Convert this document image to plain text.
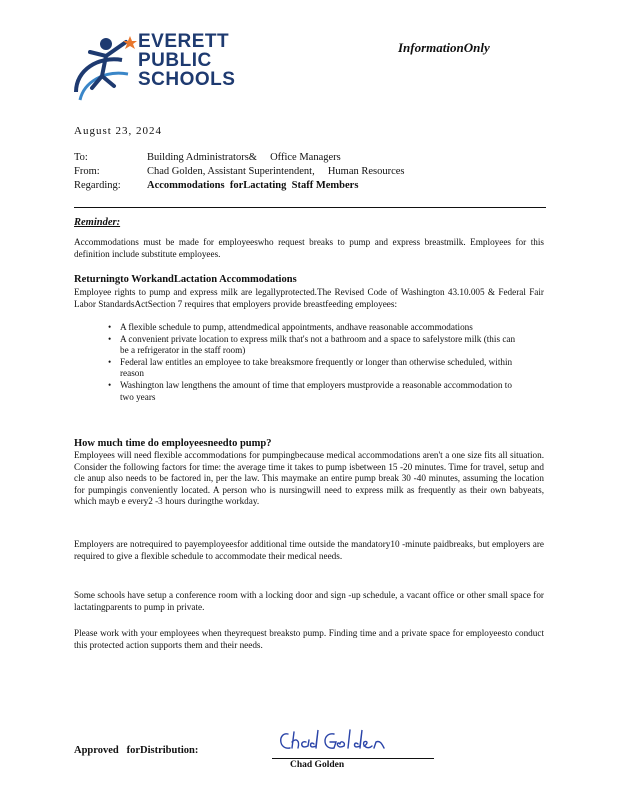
EVERETT
PUBLIC
SCHOOLS
InformationOnly
August 23, 2024
To:	Building Administrators&     Office Managers
From:	Chad Golden, Assistant Superintendent,     Human Resources
Regarding:	Accommodations  forLactating  Staff Members
Reminder:
Accommodations must be made for employeeswho request breaks to pump and express breastmilk. Employees for this definition include substitute employees.
Returningto WorkandLactation Accommodations
Employee rights to pump and express milk are legallyprotected.The Revised Code of Washington 43.10.005 & Federal Fair Labor StandardsActSection 7 requires that employers provide breastfeeding employees:
• A flexible schedule to pump, attendmedical appointments, andhave reasonable accommodations
• A convenient private location to express milk that's not a bathroom and a space to safelystore milk (this can be a refrigerator in the staff room)
• Federal law entitles an employee to take breaksmore frequently or longer than otherwise scheduled, within reason
• Washington law lengthens the amount of time that employers mustprovide a reasonable accommodation to two years
How much time do employeesneedto pump?
Employees will need flexible accommodations for pumpingbecause medical accommodations aren't a one size fits all situation. Consider the following factors for time: the average time it takes to pump isbetween 15 -20 minutes. Time for travel, setup and cle anup also needs to be factored in, per the law. This maymake an entire pump break 30 -40 minutes, assuming the location for pumpingis conveniently located. A person who is nursingwill need to express milk as frequently as their own babyeats, which mayb e every2 -3 hours duringthe workday.
Employers are notrequired to payemployeesfor additional time outside the mandatory10 -minute paidbreaks, but employers are required to give a flexible schedule to accommodate their medical needs.
Some schools have setup a conference room with a locking door and sign -up schedule, a vacant office or other small space for lactatingparents to pump in private.
Please work with your employees when theyrequest breaksto pump. Finding time and a private space for employeesto conduct this protected action supports them and their needs.
Approved   forDistribution:
Chad Golden
